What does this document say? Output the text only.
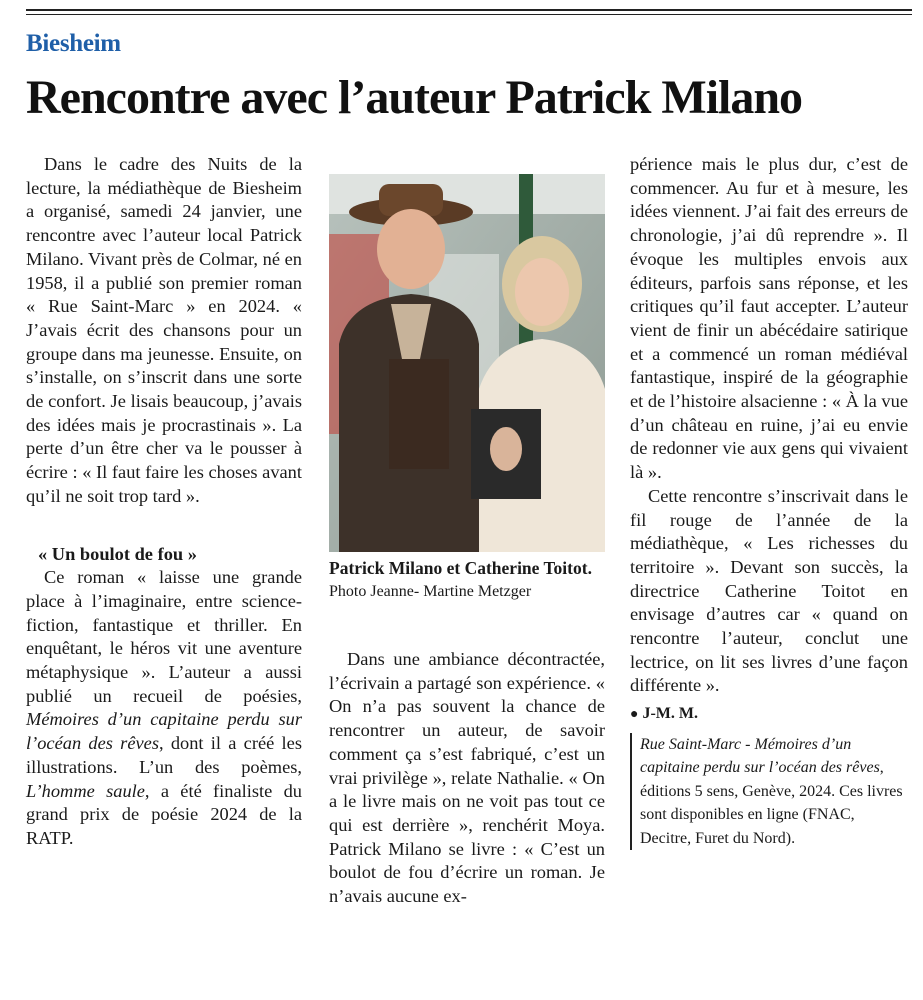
Biesheim
Rencontre avec l’auteur Patrick Milano

Dans le cadre des Nuits de la lecture, la médiathèque de Biesheim a organisé, samedi 24 janvier, une rencontre avec l’auteur local Patrick Milano. Vivant près de Colmar, né en 1958, il a publié son premier roman « Rue Saint-Marc » en 2024. « J’avais écrit des chansons pour un groupe dans ma jeunesse. Ensuite, on s’installe, on s’inscrit dans une sorte de confort. Je lisais beaucoup, j’avais des idées mais je procrastinais ». La perte d’un être cher va le pousser à écrire : « Il faut faire les choses avant qu’il ne soit trop tard ».

« Un boulot de fou »

Ce roman « laisse une grande place à l’imaginaire, entre science-fiction, fantastique et thriller. En enquêtant, le héros vit une aventure métaphysique ». L’auteur a aussi publié un recueil de poésies, Mémoires d’un capitaine perdu sur l’océan des rêves, dont il a créé les illustrations. L’un des poèmes, L’homme saule, a été finaliste du grand prix de poésie 2024 de la RATP.

Patrick Milano et Catherine Toitot. Photo Jeanne- Martine Metzger

Dans une ambiance décontractée, l’écrivain a partagé son expérience. « On n’a pas souvent la chance de rencontrer un auteur, de savoir comment ça s’est fabriqué, c’est un vrai privilège », relate Nathalie. « On a le livre mais on ne voit pas tout ce qui est derrière », renchérit Moya. Patrick Milano se livre : « C’est un boulot de fou d’écrire un roman. Je n’avais aucune ex-

périence mais le plus dur, c’est de commencer. Au fur et à mesure, les idées viennent. J’ai fait des erreurs de chronologie, j’ai dû reprendre ». Il évoque les multiples envois aux éditeurs, parfois sans réponse, et les critiques qu’il faut accepter. L’auteur vient de finir un abécédaire satirique et a commencé un roman médiéval fantastique, inspiré de la géographie et de l’histoire alsacienne : « À la vue d’un château en ruine, j’ai eu envie de redonner vie aux gens qui vivaient là ».

Cette rencontre s’inscrivait dans le fil rouge de l’année de la médiathèque, « Les richesses du territoire ». Devant son succès, la directrice Catherine Toitot en envisage d’autres car « quand on rencontre l’auteur, conclut une lectrice, on lit ses livres d’une façon différente ».

● J-M. M.

Rue Saint-Marc - Mémoires d’un capitaine perdu sur l’océan des rêves, éditions 5 sens, Genève, 2024. Ces livres sont disponibles en ligne (FNAC, Decitre, Furet du Nord).
